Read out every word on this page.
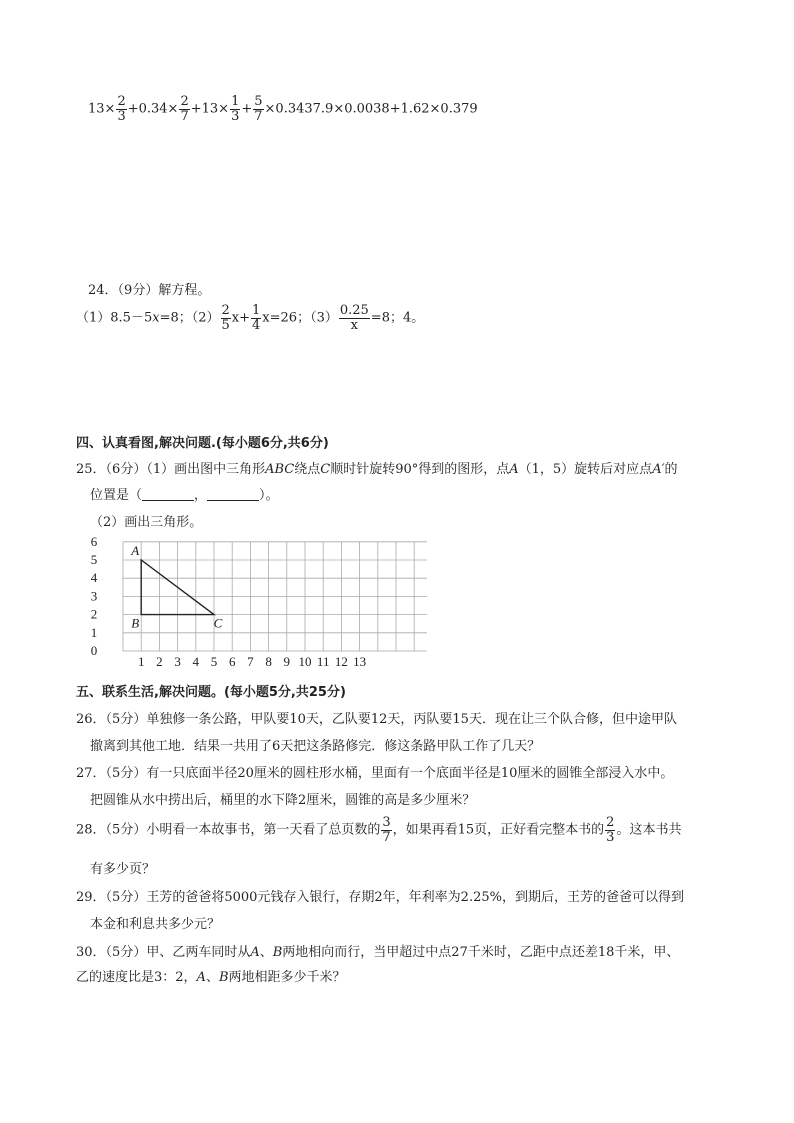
$13\times \frac{2}{3} +0.34\times \frac{2}{7} +13\times \frac{1}{3} + \frac{5}{7} \times 0.3437.9\times 0.0038+1.62\times 0.379$
24．（9分）解方程。
（1）8.5－5x=8；$(2) \frac{2}{5} x+ \frac{1}{4} x=26$；$(3) \frac{0.25}{x} =8$；4。
四、认真看图,解决问题.(每小题6分,共6分)
25．（6分）（1）画出图中三角形ABC绕点C顺时针旋转90°得到的图形，点A（1，5）旋转后对应点A′的
位置是（	，	）。
（2）画出三角形。
1 2 3 4 5 6 7 8 9 10 11 12 13
0
1
2
3
4
5
6
A
B	C
五、联系生活,解决问题。(每小题5分,共25分)
26．（5分）单独修一条公路，甲队要10天，乙队要12天，丙队要15天．现在让三个队合修，但中途甲队
撤离到其他工地．结果一共用了6天把这条路修完．修这条路甲队工作了几天？
27．（5分）有一只底面半径20厘米的圆柱形水桶，里面有一个底面半径是10厘米的圆锥全部浸入水中。
把圆锥从水中捞出后，桶里的水下降2厘米，圆锥的高是多少厘米？
28．（5分）小明看一本故事书，第一天看了总页数的 $\frac{3}{7}$ ，如果再看15页，正好看完整本书的 $\frac{2}{3}$ 。这本书共
有多少页？
29．（5分）王芳的爸爸将5000元钱存入银行，存期2年，年利率为2.25%，到期后，王芳的爸爸可以得到
本金和利息共多少元？
30．（5分）甲、乙两车同时从A、B两地相向而行，当甲超过中点27千米时，乙距中点还差18千米，甲、
乙的速度比是3：2，A、B两地相距多少千米？
